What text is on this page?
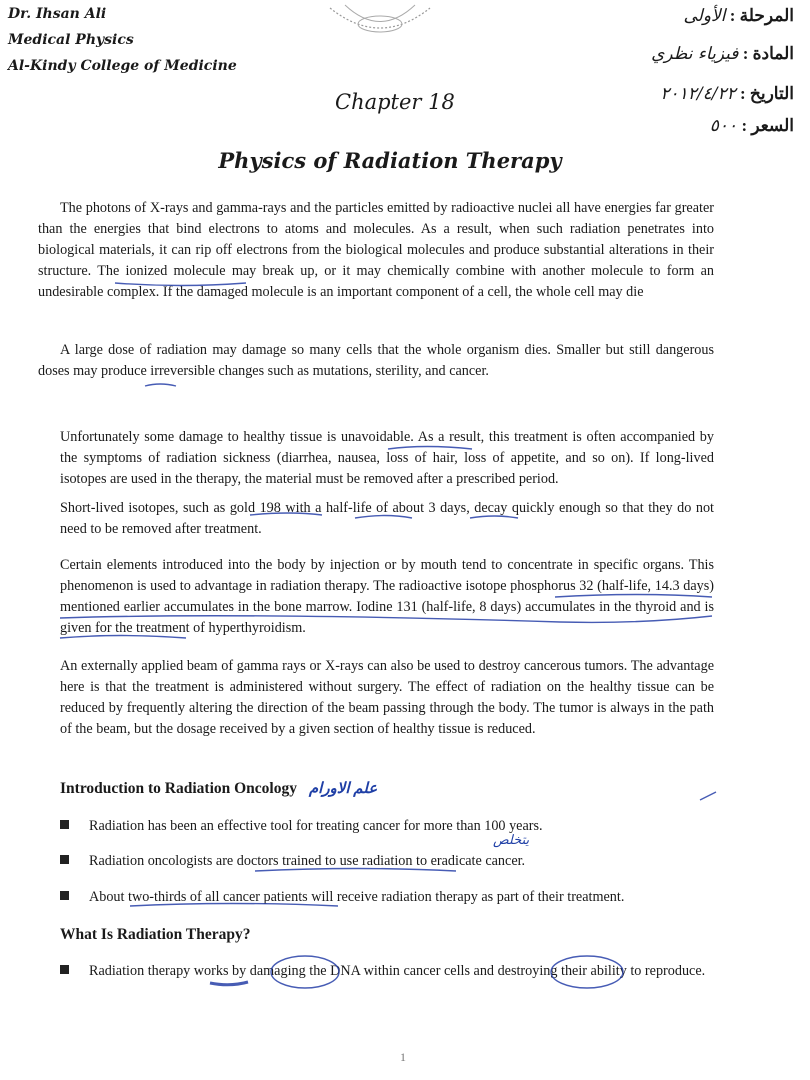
Dr. Ihsan Ali
Medical Physics
Al-Kindy College of Medicine
المرحلة : الأولى
المادة : فيزياء نظري
التاريخ : ٢٠١٢/٤/٢٢
السعر : ٥٠٠
Chapter 18
Physics of Radiation Therapy

The photons of X-rays and gamma-rays and the particles emitted by radioactive nuclei all have energies far greater than the energies that bind electrons to atoms and molecules. As a result, when such radiation penetrates into biological materials, it can rip off electrons from the biological molecules and produce substantial alterations in their structure. The ionized molecule may break up, or it may chemically combine with another molecule to form an undesirable complex. If the damaged molecule is an important component of a cell, the whole cell may die

A large dose of radiation may damage so many cells that the whole organism dies. Smaller but still dangerous doses may produce irreversible changes such as mutations, sterility, and cancer.

Unfortunately some damage to healthy tissue is unavoidable. As a result, this treatment is often accompanied by the symptoms of radiation sickness (diarrhea, nausea, loss of hair, loss of appetite, and so on). If long-lived isotopes are used in the therapy, the material must be removed after a prescribed period.

Short-lived isotopes, such as gold 198 with a half-life of about 3 days, decay quickly enough so that they do not need to be removed after treatment.

Certain elements introduced into the body by injection or by mouth tend to concentrate in specific organs. This phenomenon is used to advantage in radiation therapy. The radioactive isotope phosphorus 32 (half-life, 14.3 days) mentioned earlier accumulates in the bone marrow. Iodine 131 (half-life, 8 days) accumulates in the thyroid and is given for the treatment of hyperthyroidism.

An externally applied beam of gamma rays or X-rays can also be used to destroy cancerous tumors. The advantage here is that the treatment is administered without surgery. The effect of radiation on the healthy tissue can be reduced by frequently altering the direction of the beam passing through the body. The tumor is always in the path of the beam, but the dosage received by a given section of healthy tissue is reduced.

Introduction to Radiation Oncology علم الاورام

Radiation has been an effective tool for treating cancer for more than 100 years.

يتخلص

Radiation oncologists are doctors trained to use radiation to eradicate cancer.

About two-thirds of all cancer patients will receive radiation therapy as part of their treatment.

What Is Radiation Therapy?

Radiation therapy works by damaging the DNA within cancer cells and destroying their ability to reproduce.

1
